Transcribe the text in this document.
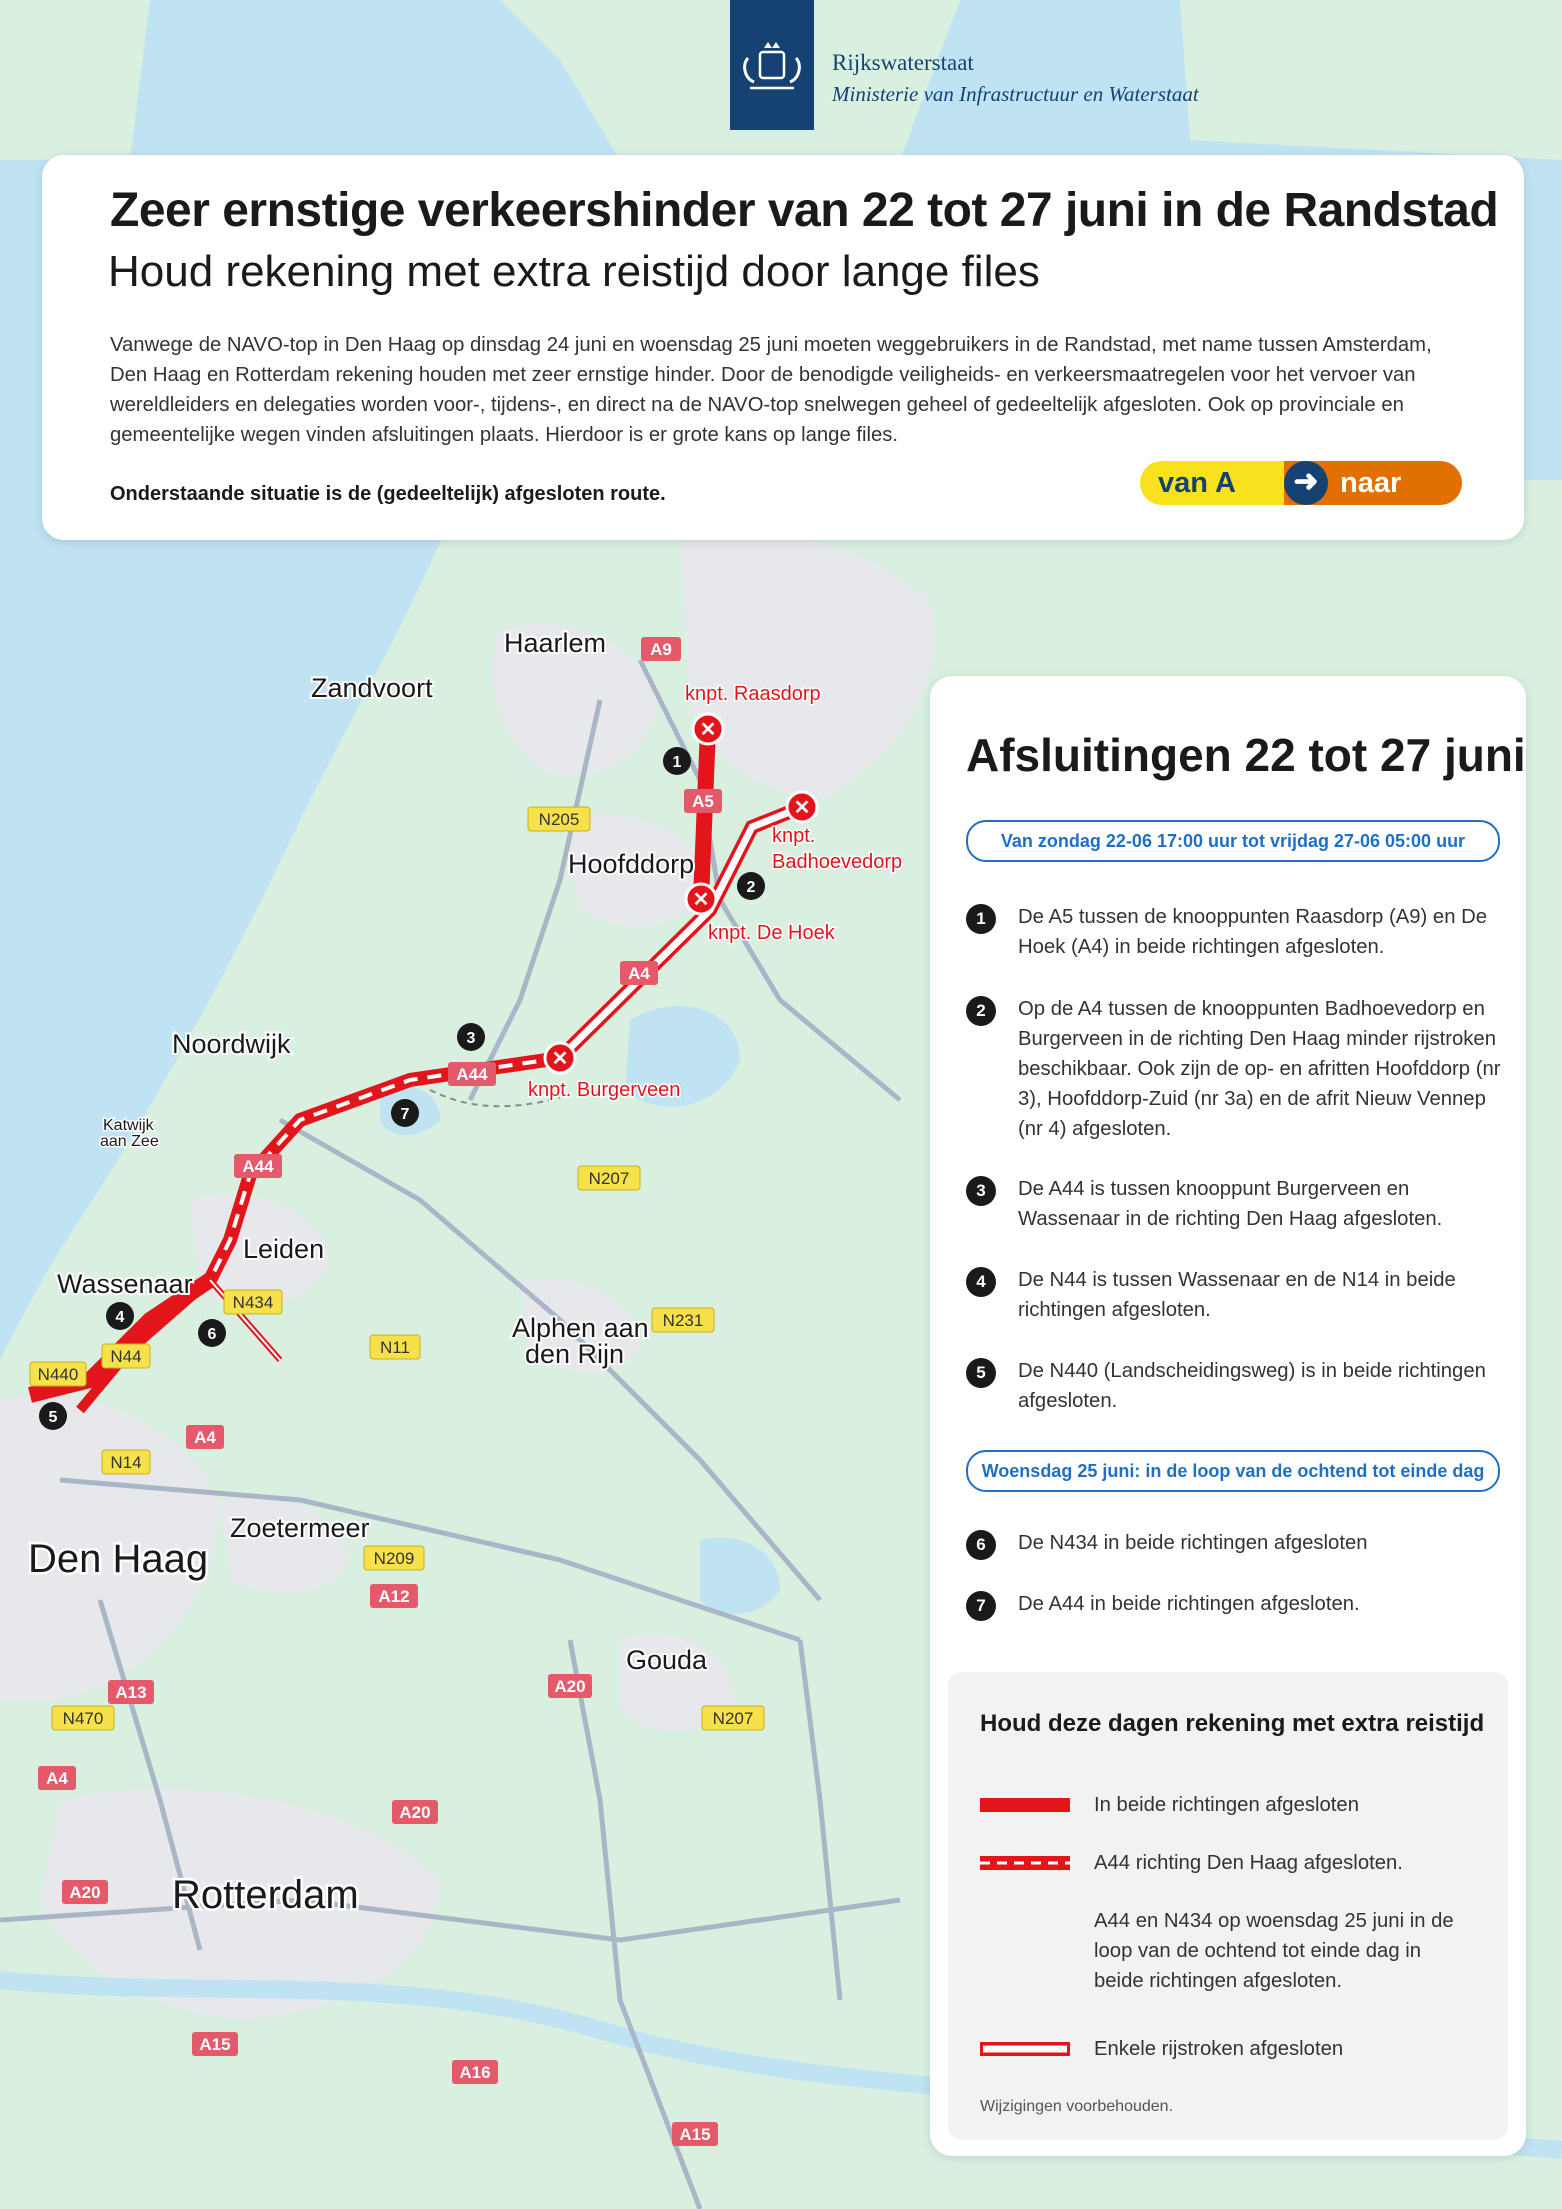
✕
✕
✕
✕
A9
A5
N205
A4
A44
A44
N207
N434
N11
N231
N440
N44
A4
N14
N209
A12
A20
N207
A13
N470
A4
A20
A20
A15
A16
A15
1
2
3
4
5
6
7
Haarlem
Zandvoort
Hoofddorp
Noordwijk
Leiden
Wassenaar
Alphen aan
den Rijn
Zoetermeer
Gouda
Katwijk
aan Zee
Den Haag
Rotterdam
knpt. Raasdorp
knpt.
Badhoevedorp
knpt. De Hoek
knpt. Burgerveen
Rijkswaterstaat
Ministerie van Infrastructuur en Waterstaat
Zeer ernstige verkeershinder van 22 tot 27 juni in de Randstad
Houd rekening met extra reistijd door lange files
Vanwege de NAVO-top in Den Haag op dinsdag 24 juni en woensdag 25 juni moeten weggebruikers in de Randstad, met name tussen Amsterdam, Den Haag en Rotterdam rekening houden met zeer ernstige hinder. Door de benodigde veiligheids- en verkeersmaatregelen voor het vervoer van wereldleiders en delegaties worden voor-, tijdens-, en direct na de NAVO-top snelwegen geheel of gedeeltelijk afgesloten. Ook op provinciale en gemeentelijke wegen vinden afsluitingen plaats. Hierdoor is er grote kans op lange files.
Onderstaande situatie is de (gedeeltelijk) afgesloten route.	van A	➜ naar Beter
Afsluitingen 22 tot 27 juni
Van zondag 22-06 17:00 uur tot vrijdag 27-06 05:00 uur
1	De A5 tussen de knooppunten Raasdorp (A9) en De Hoek (A4) in beide richtingen afgesloten.
2	Op de A4 tussen de knooppunten Badhoevedorp en Burgerveen in de richting Den Haag minder rijstroken beschikbaar. Ook zijn de op- en afritten Hoofddorp (nr 3), Hoofddorp-Zuid (nr 3a) en de afrit Nieuw Vennep (nr 4) afgesloten.
3	De A44 is tussen knooppunt Burgerveen en Wassenaar in de richting Den Haag afgesloten.
4	De N44 is tussen Wassenaar en de N14 in beide richtingen afgesloten.
5	De N440 (Landscheidingsweg) is in beide richtingen afgesloten.
Woensdag 25 juni: in de loop van de ochtend tot einde dag
6	De N434 in beide richtingen afgesloten
7	De A44 in beide richtingen afgesloten.
Houd deze dagen rekening met extra reistijd
In beide richtingen afgesloten
A44 richting Den Haag afgesloten.
A44 en N434 op woensdag 25 juni in de loop van de ochtend tot einde dag in beide richtingen afgesloten.
Enkele rijstroken afgesloten
Wijzigingen voorbehouden.
